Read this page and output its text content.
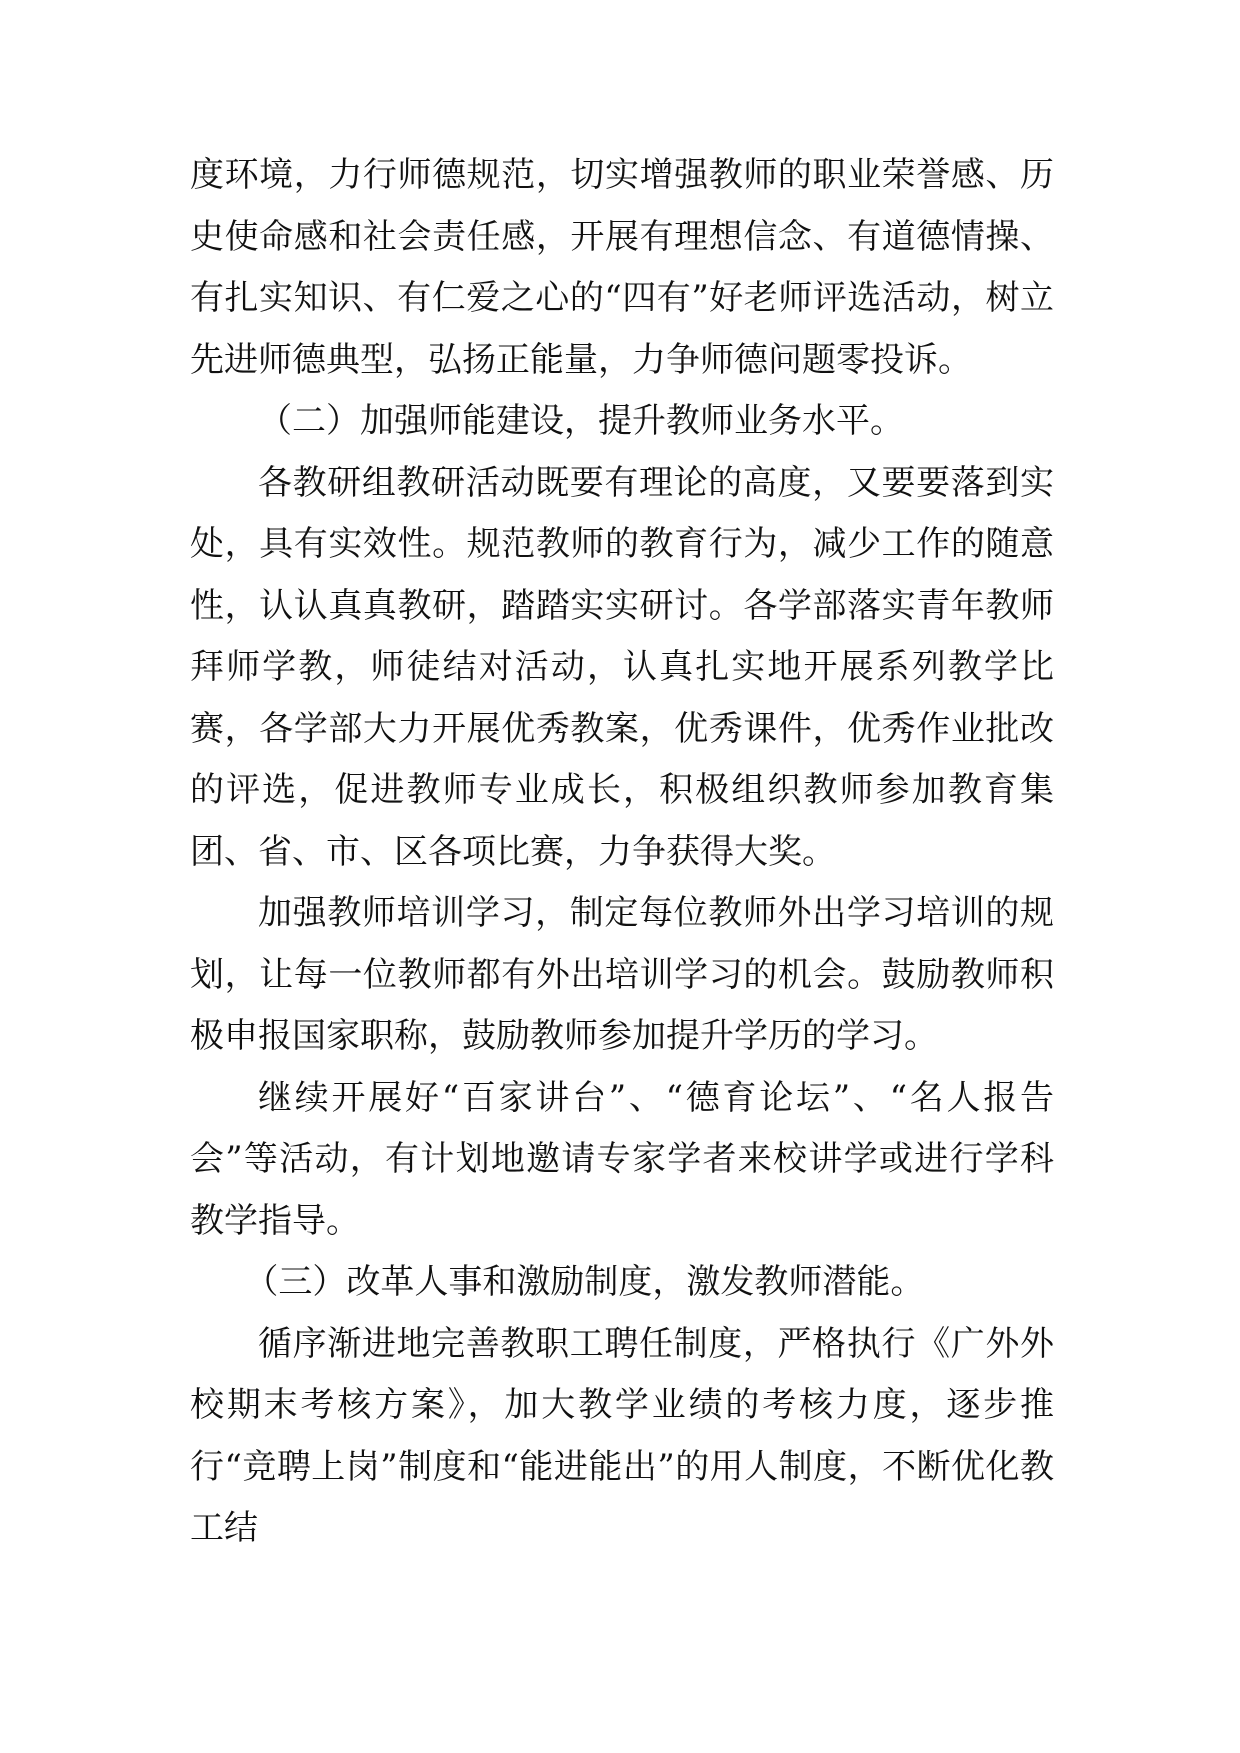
度环境，力行师德规范，切实增强教师的职业荣誉感、历史使命感和社会责任感，开展有理想信念、有道德情操、有扎实知识、有仁爱之心的“四有”好老师评选活动，树立先进师德典型，弘扬正能量，力争师德问题零投诉。

（二）加强师能建设，提升教师业务水平。

各教研组教研活动既要有理论的高度，又要要落到实处，具有实效性。规范教师的教育行为，减少工作的随意性，认认真真教研，踏踏实实研讨。各学部落实青年教师拜师学教，师徒结对活动，认真扎实地开展系列教学比赛，各学部大力开展优秀教案，优秀课件，优秀作业批改的评选，促进教师专业成长，积极组织教师参加教育集团、省、市、区各项比赛，力争获得大奖。

加强教师培训学习，制定每位教师外出学习培训的规划，让每一位教师都有外出培训学习的机会。鼓励教师积极申报国家职称，鼓励教师参加提升学历的学习。

继续开展好“百家讲台”、“德育论坛”、“名人报告会”等活动，有计划地邀请专家学者来校讲学或进行学科教学指导。

（三）改革人事和激励制度，激发教师潜能。

循序渐进地完善教职工聘任制度，严格执行《广外外校期末考核方案》，加大教学业绩的考核力度，逐步推行“竞聘上岗”制度和“能进能出”的用人制度，不断优化教工结
